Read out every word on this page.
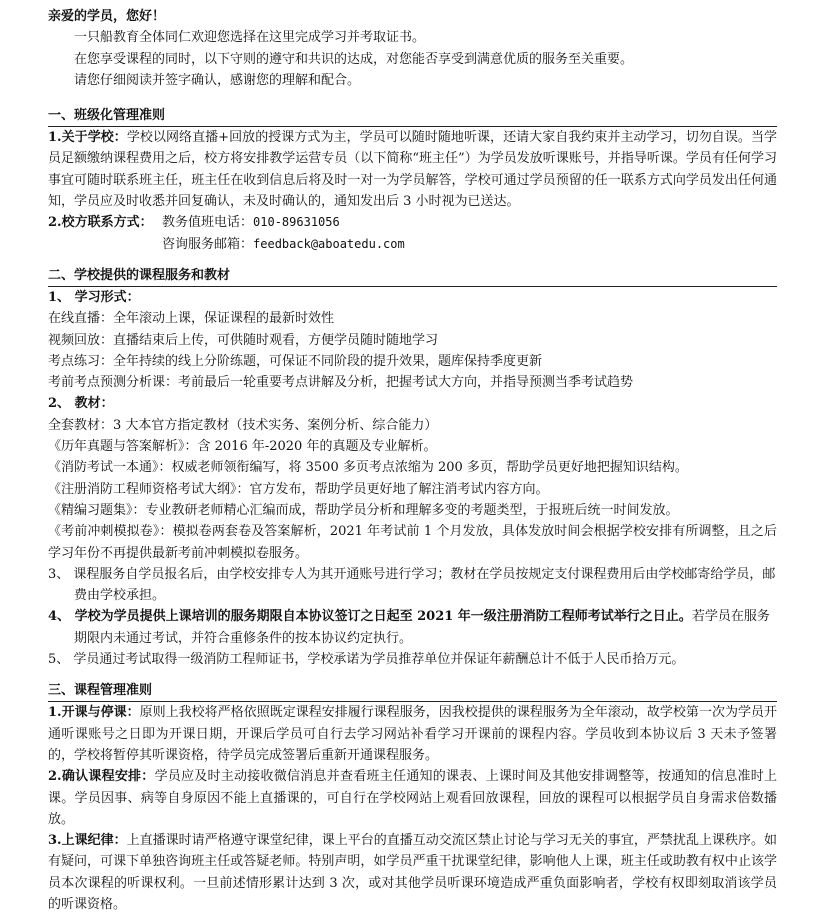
亲爱的学员，您好！
一只船教育全体同仁欢迎您选择在这里完成学习并考取证书。
在您享受课程的同时，以下守则的遵守和共识的达成，对您能否享受到满意优质的服务至关重要。
请您仔细阅读并签字确认，感谢您的理解和配合。
一、班级化管理准则
1.关于学校：学校以网络直播+回放的授课方式为主，学员可以随时随地听课，还请大家自我约束并主动学习，切勿自误。当学员足额缴纳课程费用之后，校方将安排教学运营专员（以下简称“班主任”）为学员发放听课账号，并指导听课。学员有任何学习事宜可随时联系班主任，班主任在收到信息后将及时一对一为学员解答，学校可通过学员预留的任一联系方式向学员发出任何通知，学员应及时收悉并回复确认，未及时确认的，通知发出后 3 小时视为已送达。
2.校方联系方式： 教务值班电话： 010-89631056
咨询服务邮箱： feedback@aboatedu.com
二、学校提供的课程服务和教材
1、 学习形式：
在线直播：全年滚动上课，保证课程的最新时效性
视频回放：直播结束后上传，可供随时观看，方便学员随时随地学习
考点练习：全年持续的线上分阶练题，可保证不同阶段的提升效果，题库保持季度更新
考前考点预测分析课：考前最后一轮重要考点讲解及分析，把握考试大方向，并指导预测当季考试趋势
2、 教材：
全套教材：3 大本官方指定教材（技术实务、案例分析、综合能力）
《历年真题与答案解析》：含 2016 年-2020 年的真题及专业解析。
《消防考试一本通》：权威老师领衔编写，将 3500 多页考点浓缩为 200 多页，帮助学员更好地把握知识结构。
《注册消防工程师资格考试大纲》：官方发布，帮助学员更好地了解注消考试内容方向。
《精编习题集》：专业教研老师精心汇编而成，帮助学员分析和理解多变的考题类型，于报班后统一时间发放。
《考前冲刺模拟卷》：模拟卷两套卷及答案解析，2021 年考试前 1 个月发放，具体发放时间会根据学校安排有所调整，且之后学习年份不再提供最新考前冲刺模拟卷服务。
3、 课程服务自学员报名后，由学校安排专人为其开通账号进行学习；教材在学员按规定支付课程费用后由学校邮寄给学员，邮费由学校承担。
4、 学校为学员提供上课培训的服务期限自本协议签订之日起至 2021 年一级注册消防工程师考试举行之日止。若学员在服务期限内未通过考试，并符合重修条件的按本协议约定执行。
5、 学员通过考试取得一级消防工程师证书，学校承诺为学员推荐单位并保证年薪酬总计不低于人民币拾万元。
三、课程管理准则
1.开课与停课：原则上我校将严格依照既定课程安排履行课程服务，因我校提供的课程服务为全年滚动，故学校第一次为学员开通听课账号之日即为开课日期，开课后学员可自行去学习网站补看学习开课前的课程内容。学员收到本协议后 3 天未予签署的，学校将暂停其听课资格，待学员完成签署后重新开通课程服务。
2.确认课程安排：学员应及时主动接收微信消息并查看班主任通知的课表、上课时间及其他安排调整等，按通知的信息准时上课。学员因事、病等自身原因不能上直播课的，可自行在学校网站上观看回放课程，回放的课程可以根据学员自身需求倍数播放。
3.上课纪律：上直播课时请严格遵守课堂纪律，课上平台的直播互动交流区禁止讨论与学习无关的事宜，严禁扰乱上课秩序。如有疑问，可课下单独咨询班主任或答疑老师。特别声明，如学员严重干扰课堂纪律，影响他人上课，班主任或助教有权中止该学员本次课程的听课权利。一旦前述情形累计达到 3 次，或对其他学员听课环境造成严重负面影响者，学校有权即刻取消该学员的听课资格。
